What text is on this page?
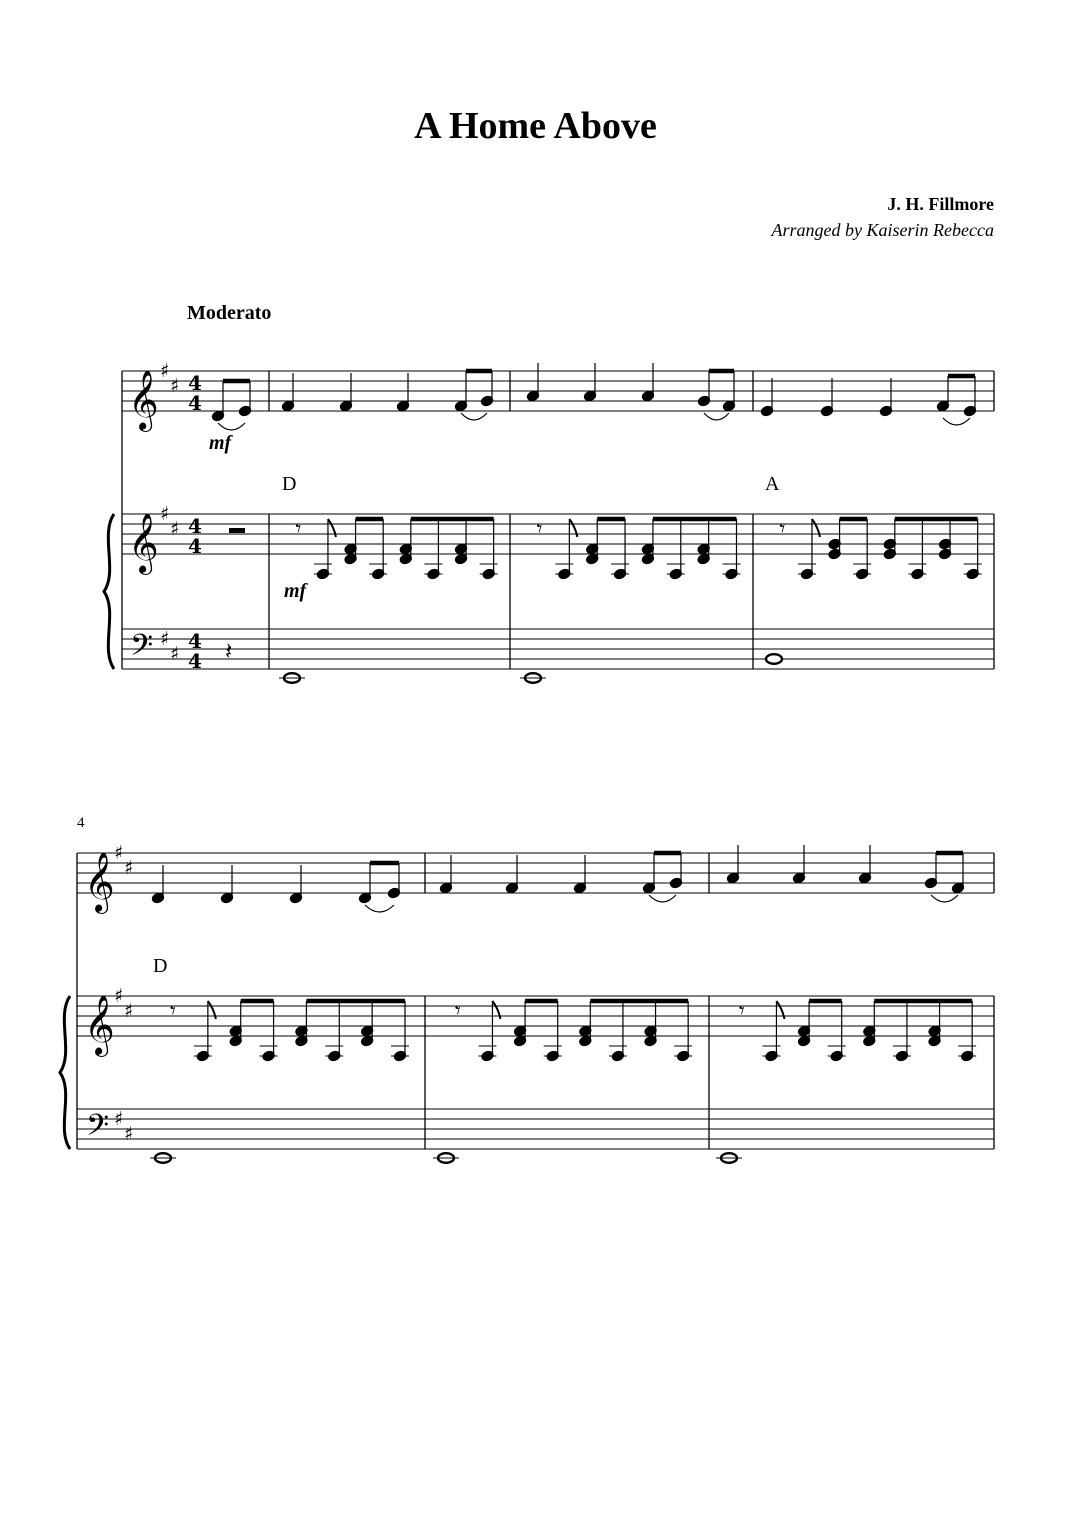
A Home Above
J. H. Fillmore
Arranged by Kaiserin Rebecca
Moderato
D	A
mf
mf
4
D
𝄞
𝄞
𝄢
♯
♯
♯
♯
♯
♯
4
4
4
4
4
4 𝄽
𝄾	𝄾	𝄾
𝄞
𝄞
𝄢
♯
♯
♯
♯
♯
♯
𝄾	𝄾	𝄾
